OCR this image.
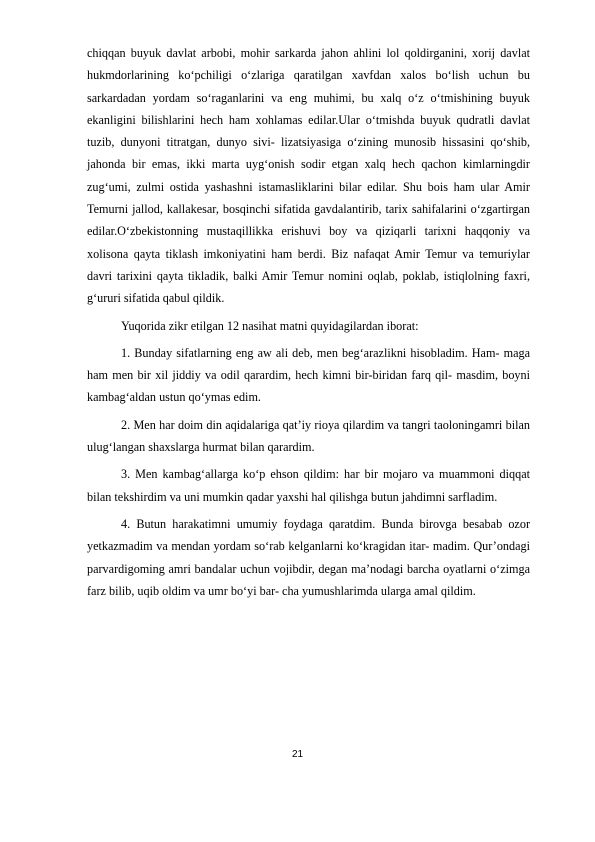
chiqqan buyuk davlat arbobi, mohir sarkarda jahon ahlini lol qoldirganini, xorij davlat hukmdorlarining ko‘pchiligi o‘zlariga qaratilgan xavfdan xalos bo‘lish uchun bu sarkardadan yordam so‘raganlarini va eng muhimi, bu xalq o‘z o‘tmishining buyuk ekanligini bilishlarini hech ham xohlamas edilar.Ular o‘tmishda buyuk qudratli davlat tuzib, dunyoni titratgan, dunyo sivi- lizatsiyasiga o‘zining munosib hissasini qo‘shib, jahonda bir emas, ikki marta uyg‘onish sodir etgan xalq hech qachon kimlarningdir zug‘umi, zulmi ostida yashashni istamasliklarini bilar edilar. Shu bois ham ular Amir Temurni jallod, kallakesar, bosqinchi sifatida gavdalantirib, tarix sahifalarini o‘zgartirgan edilar.O‘zbekistonning mustaqillikka erishuvi boy va qiziqarli tarixni haqqoniy va xolisona qayta tiklash imkoniyatini ham berdi. Biz nafaqat Amir Temur va temuriylar davri tarixini qayta tikladik, balki Amir Temur nomini oqlab, poklab, istiqlolning faxri, g‘ururi sifatida qabul qildik.

Yuqorida zikr etilgan 12 nasihat matni quyidagilardan iborat:

1. Bunday sifatlarning eng aw ali deb, men beg‘arazlikni hisobladim. Ham- maga ham men bir xil jiddiy va odil qarardim, hech kimni bir-biridan farq qil- masdim, boyni kambag‘aldan ustun qo‘ymas edim.

2. Men har doim din aqidalariga qat’iy rioya qilardim va tangri taoloningamri bilan ulug‘langan shaxslarga hurmat bilan qarardim.

3. Men kambag‘allarga ko‘p ehson qildim: har bir mojaro va muammoni diqqat bilan tekshirdim va uni mumkin qadar yaxshi hal qilishga butun jahdimni sarfladim.

4. Butun harakatimni umumiy foydaga qaratdim. Bunda birovga besabab ozor yetkazmadim va mendan yordam so‘rab kelganlarni ko‘kragidan itar- madim. Qur’ondagi parvardigoming amri bandalar uchun vojibdir, degan ma’nodagi barcha oyatlarni o‘zimga farz bilib, uqib oldim va umr bo‘yi bar- cha yumushlarimda ularga amal qildim.

21
